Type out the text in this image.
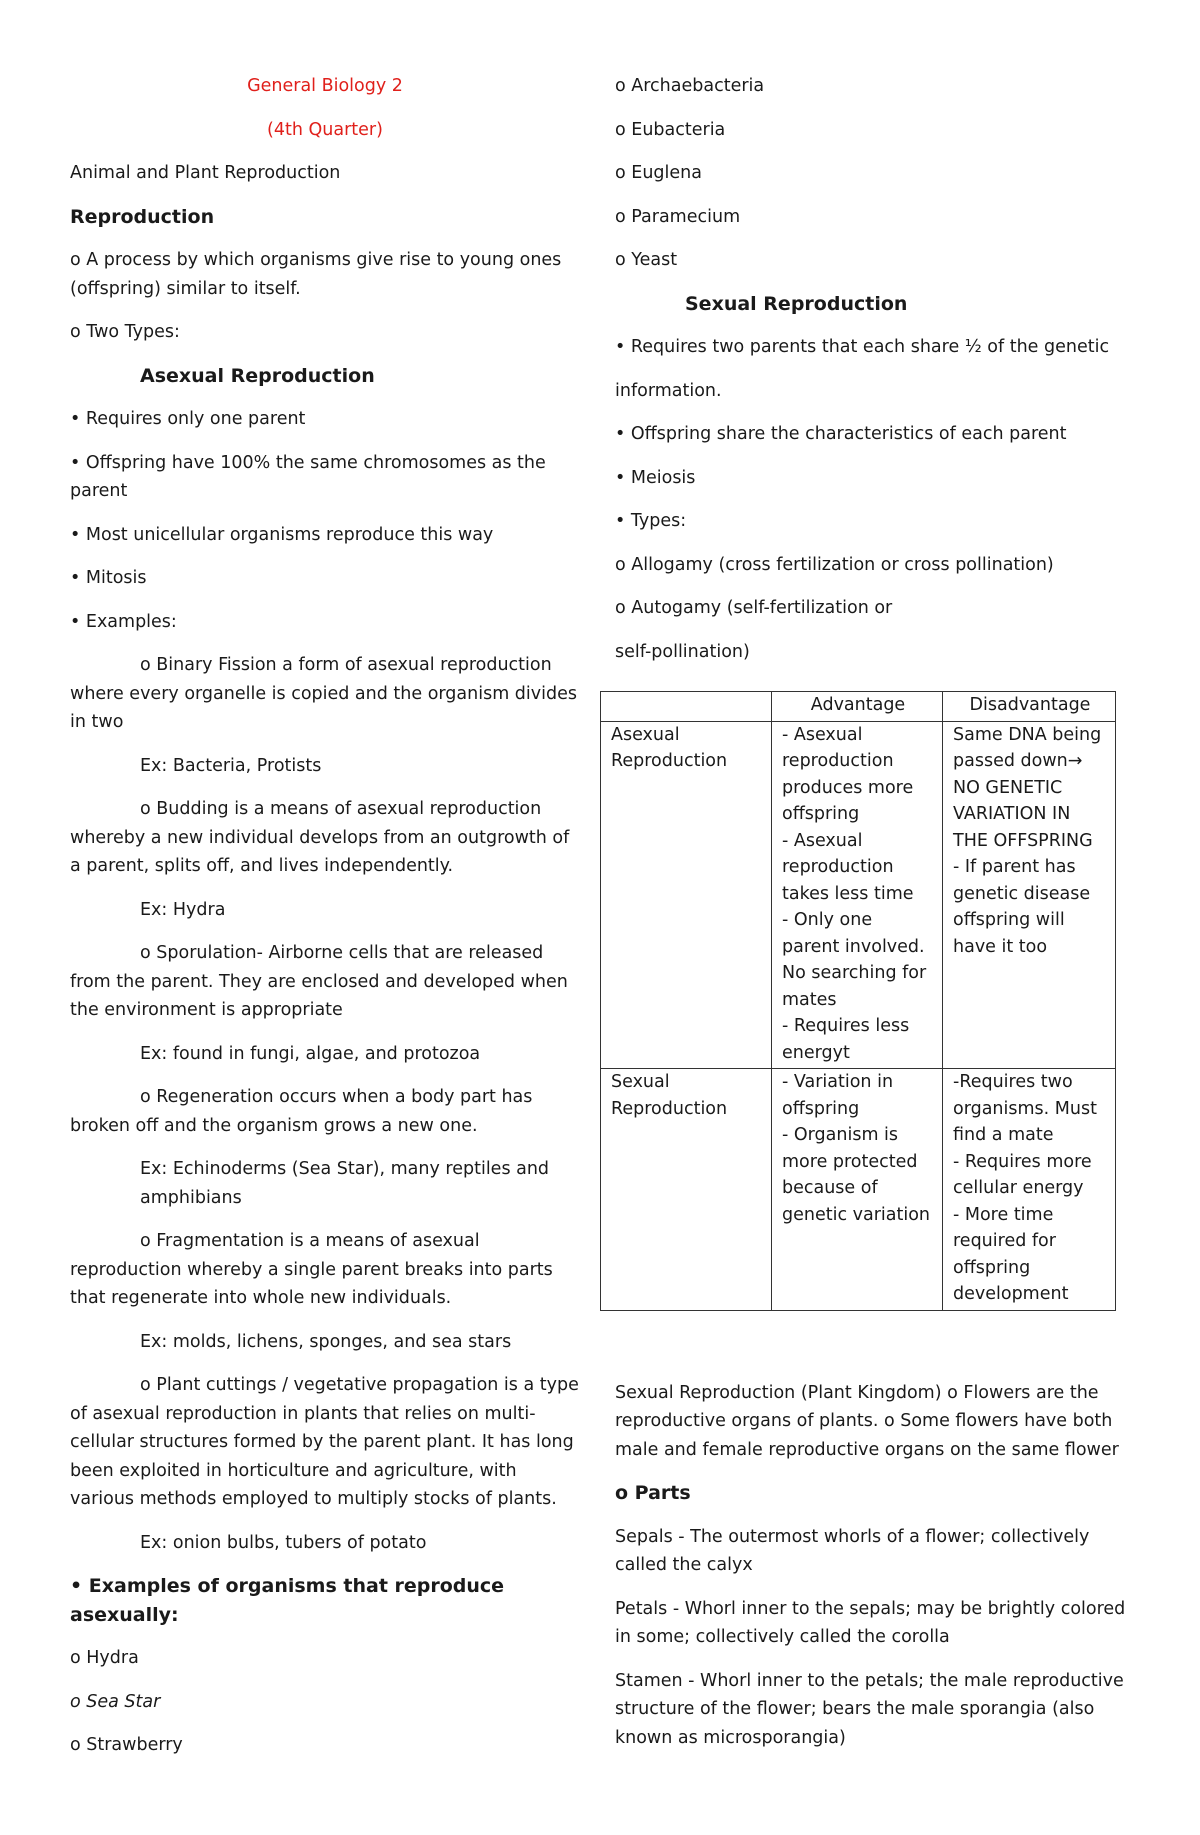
General Biology 2

(4th Quarter)

Animal and Plant Reproduction

Reproduction

o A process by which organisms give rise to young ones (offspring) similar to itself.

o Two Types:

Asexual Reproduction

• Requires only one parent

• Offspring have 100% the same chromosomes as the parent

• Most unicellular organisms reproduce this way

• Mitosis

• Examples:

o Binary Fission a form of asexual reproduction where every organelle is copied and the organism divides in two

Ex: Bacteria, Protists

o Budding is a means of asexual reproduction whereby a new individual develops from an outgrowth of a parent, splits off, and lives independently.

Ex: Hydra

o Sporulation- Airborne cells that are released from the parent. They are enclosed and developed when the environment is appropriate

Ex: found in fungi, algae, and protozoa

o Regeneration occurs when a body part has broken off and the organism grows a new one.

Ex: Echinoderms (Sea Star), many reptiles and amphibians

o Fragmentation is a means of asexual reproduction whereby a single parent breaks into parts that regenerate into whole new individuals.

Ex: molds, lichens, sponges, and sea stars

o Plant cuttings / vegetative propagation is a type of asexual reproduction in plants that relies on multi-cellular structures formed by the parent plant. It has long been exploited in horticulture and agriculture, with various methods employed to multiply stocks of plants.

Ex: onion bulbs, tubers of potato

• Examples of organisms that reproduce asexually:

o Hydra

o Sea Star

o Strawberry

o Archaebacteria

o Eubacteria

o Euglena

o Paramecium

o Yeast

Sexual Reproduction

• Requires two parents that each share ½ of the genetic

information.

• Offspring share the characteristics of each parent

• Meiosis

• Types:

o Allogamy (cross fertilization or cross pollination)

o Autogamy (self-fertilization or

self-pollination)

	Advantage	Disadvantage
Asexual Reproduction	- Asexual reproduction produces more offspring
- Asexual reproduction takes less time
- Only one parent involved. No searching for mates
- Requires less energyt	Same DNA being passed down→ NO GENETIC VARIATION IN THE OFFSPRING
- If parent has genetic disease offspring will have it too

Sexual Reproduction	- Variation in offspring
- Organism is more protected because of genetic variation	-Requires two organisms. Must find a mate
- Requires more cellular energy
- More time required for offspring development

Sexual Reproduction (Plant Kingdom) o Flowers are the reproductive organs of plants. o Some flowers have both male and female reproductive organs on the same flower

o Parts

Sepals - The outermost whorls of a flower; collectively called the calyx

Petals - Whorl inner to the sepals; may be brightly colored in some; collectively called the corolla

Stamen - Whorl inner to the petals; the male reproductive structure of the flower; bears the male sporangia (also known as microsporangia)
